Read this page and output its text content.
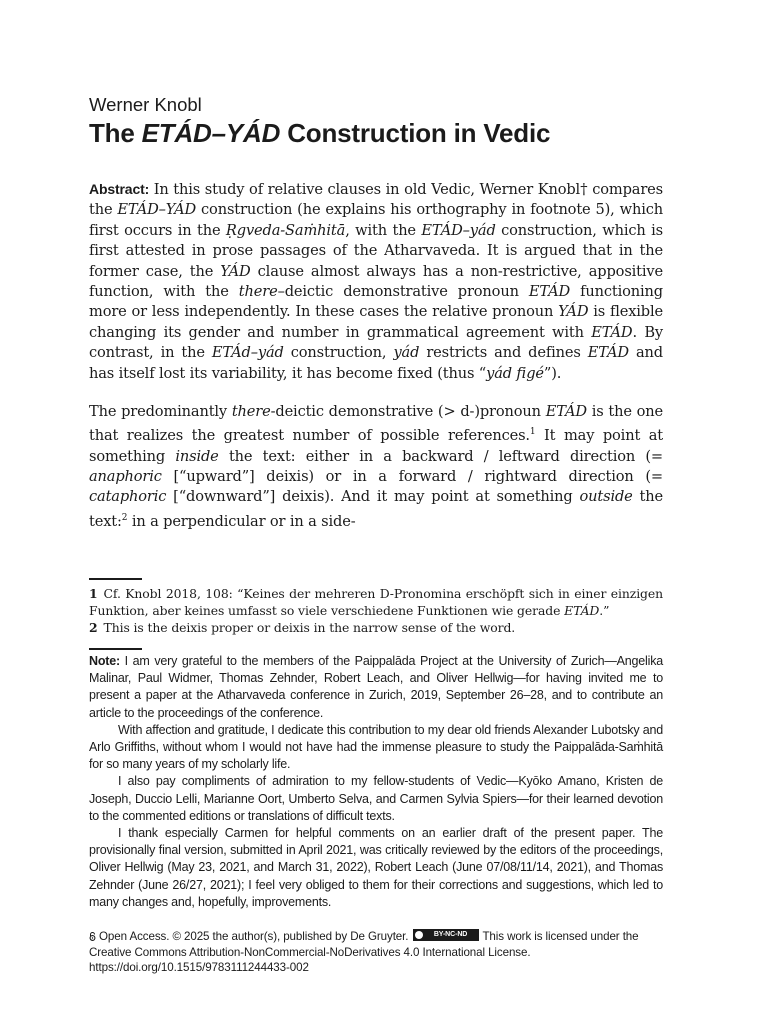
Werner Knobl
The ETÁD–YÁD Construction in Vedic

Abstract: In this study of relative clauses in old Vedic, Werner Knobl† compares the ETÁD–YÁD construction (he explains his orthography in footnote 5), which first occurs in the Ṛgveda-Saṁhitā, with the ETÁD–yád construction, which is first attested in prose passages of the Atharvaveda. It is argued that in the former case, the YÁD clause almost always has a non-restrictive, appositive function, with the there–deictic demonstrative pronoun ETÁD functioning more or less independently. In these cases the relative pronoun YÁD is flexible changing its gender and number in grammatical agreement with ETÁD. By contrast, in the ETÁd–yád construction, yád restricts and defines ETÁD and has itself lost its variability, it has become fixed (thus “yád figé”).

The predominantly there-deictic demonstrative (> d-)pronoun ETÁD is the one that realizes the greatest number of possible references.$^1$ It may point at something inside the text: either in a backward / leftward direction (= anaphoric [“upward”] deixis) or in a forward / rightward direction (= cataphoric [“downward”] deixis). And it may point at something outside the text:$^2$ in a perpendicular or in a side-

1 Cf. Knobl 2018, 108: “Keines der mehreren D-Pronomina erschöpft sich in einer einzigen Funktion, aber keines umfasst so viele verschiedene Funktionen wie gerade ETÁD.”
2 This is the deixis proper or deixis in the narrow sense of the word.

Note: I am very grateful to the members of the Paippalāda Project at the University of Zurich—Angelika Malinar, Paul Widmer, Thomas Zehnder, Robert Leach, and Oliver Hellwig—for having invited me to present a paper at the Atharvaveda conference in Zurich, 2019, September 26–28, and to contribute an article to the proceedings of the conference.

With affection and gratitude, I dedicate this contribution to my dear old friends Alexander Lubotsky and Arlo Griffiths, without whom I would not have had the immense pleasure to study the Paippalāda-Saṁhitā for so many years of my scholarly life.

I also pay compliments of admiration to my fellow-students of Vedic—Kyōko Amano, Kristen de Joseph, Duccio Lelli, Marianne Oort, Umberto Selva, and Carmen Sylvia Spiers—for their learned devotion to the commented editions or translations of difficult texts.

I thank especially Carmen for helpful comments on an earlier draft of the present paper. The provisionally final version, submitted in April 2021, was critically reviewed by the editors of the proceedings, Oliver Hellwig (May 23, 2021, and March 31, 2022), Robert Leach (June 07/08/11/14, 2021), and Thomas Zehnder (June 26/27, 2021); I feel very obliged to them for their corrections and suggestions, which led to many changes and, hopefully, improvements.

Open Access. © 2025 the author(s), published by De Gruyter.	BY-NC-ND	This work is licensed under the Creative Commons Attribution-NonCommercial-NoDerivatives 4.0 International License.

https://doi.org/10.1515/9783111244433-002
